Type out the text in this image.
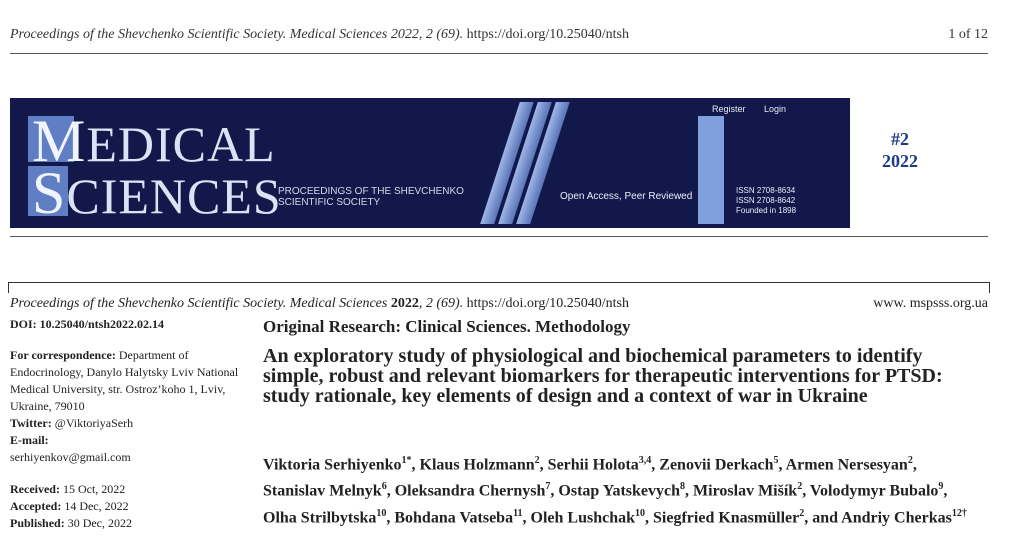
Proceedings of the Shevchenko Scientific Society. Medical Sciences 2022, 2 (69). https://doi.org/10.25040/ntsh	1 of 12
MEDICAL
SCIENCES
PROCEEDINGS OF THE SHEVCHENKO SCIENTIFIC SOCIETY
Open Access, Peer Reviewed
Register Login
ISSN 2708-8634
ISSN 2708-8642
Founded in 1898
#2
2022
Proceedings of the Shevchenko Scientific Society. Medical Sciences 2022, 2 (69). https://doi.org/10.25040/ntsh	www. mspsss.org.ua
DOI: 10.25040/ntsh2022.02.14
For correspondence: Department of Endocrinology, Danylo Halytsky Lviv National Medical University, str. Ostroz’koho 1, Lviv, Ukraine, 79010
Twitter: @ViktoriyaSerh
E-mail:
serhiyenkov@gmail.com
Received: 15 Oct, 2022
Accepted: 14 Dec, 2022
Published: 30 Dec, 2022
Original Research: Clinical Sciences. Methodology
An exploratory study of physiological and biochemical parameters to identify simple, robust and relevant biomarkers for therapeutic interventions for PTSD: study rationale, key elements of design and a context of war in Ukraine
Viktoria Serhiyenko$^{1*}$, Klaus Holzmann$^2$, Serhii Holota$^{3,4}$, Zenovii Derkach$^5$, Armen Nersesyan$^2$, Stanislav Melnyk$^6$, Oleksandra Chernysh$^7$, Ostap Yatskevych$^8$, Miroslav Mišík$^2$, Volodymyr Bubalo$^9$, Olha Strilbytska$^{10}$, Bohdana Vatseba$^{11}$, Oleh Lushchak$^{10}$, Siegfried Knasmüller$^2$, and Andriy Cherkas$^{12\dagger}$
